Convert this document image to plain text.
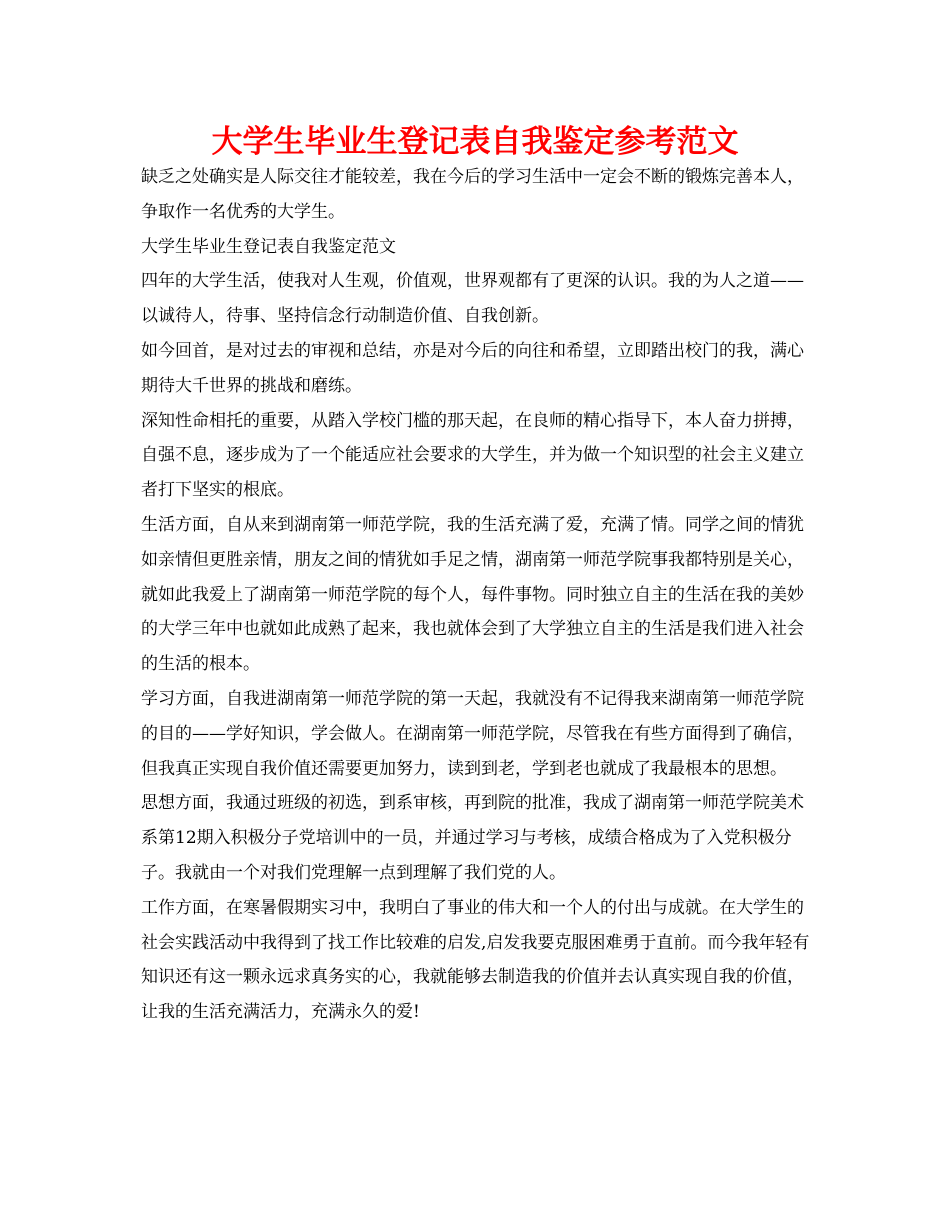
大学生毕业生登记表自我鉴定参考范文

缺乏之处确实是人际交往才能较差，我在今后的学习生活中一定会不断的锻炼完善本人，争取作一名优秀的大学生。

大学生毕业生登记表自我鉴定范文

四年的大学生活，使我对人生观，价值观，世界观都有了更深的认识。我的为人之道——以诚待人，待事、坚持信念行动制造价值、自我创新。

如今回首，是对过去的审视和总结，亦是对今后的向往和希望，立即踏出校门的我，满心期待大千世界的挑战和磨练。

深知性命相托的重要，从踏入学校门槛的那天起，在良师的精心指导下，本人奋力拼搏，自强不息，逐步成为了一个能适应社会要求的大学生，并为做一个知识型的社会主义建立者打下坚实的根底。

生活方面，自从来到湖南第一师范学院，我的生活充满了爱，充满了情。同学之间的情犹如亲情但更胜亲情，朋友之间的情犹如手足之情，湖南第一师范学院事我都特别是关心，就如此我爱上了湖南第一师范学院的每个人，每件事物。同时独立自主的生活在我的美妙的大学三年中也就如此成熟了起来，我也就体会到了大学独立自主的生活是我们进入社会的生活的根本。

学习方面，自我进湖南第一师范学院的第一天起，我就没有不记得我来湖南第一师范学院的目的——学好知识，学会做人。在湖南第一师范学院，尽管我在有些方面得到了确信，但我真正实现自我价值还需要更加努力，读到到老，学到老也就成了我最根本的思想。

思想方面，我通过班级的初选，到系审核，再到院的批准，我成了湖南第一师范学院美术系第12期入积极分子党培训中的一员，并通过学习与考核，成绩合格成为了入党积极分子。我就由一个对我们党理解一点到理解了我们党的人。

工作方面，在寒暑假期实习中，我明白了事业的伟大和一个人的付出与成就。在大学生的社会实践活动中我得到了找工作比较难的启发,启发我要克服困难勇于直前。而今我年轻有知识还有这一颗永远求真务实的心，我就能够去制造我的价值并去认真实现自我的价值，让我的生活充满活力，充满永久的爱!
